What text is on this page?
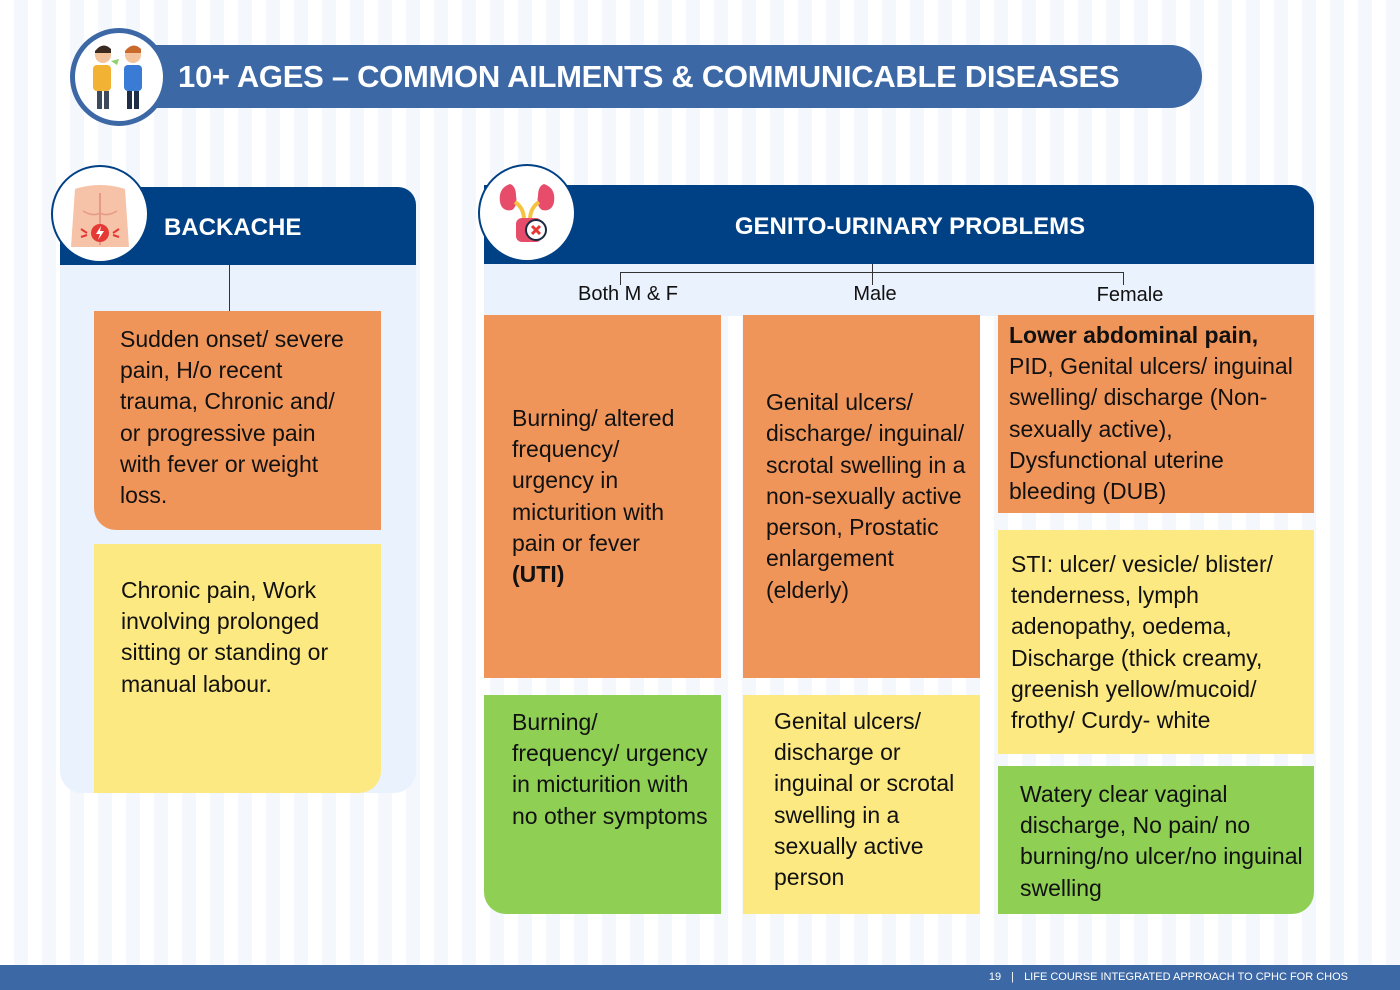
10+ AGES – COMMON AILMENTS & COMMUNICABLE DISEASES
BACKACHE
Sudden onset/ severe pain, H/o recent trauma, Chronic and/ or progressive pain with fever or weight loss.
Chronic pain, Work involving prolonged sitting or standing or manual labour.
GENITO-URINARY PROBLEMS
Both M & F	Male	Female
Burning/ altered frequency/ urgency in micturition with pain or fever
(UTI)
Burning/ frequency/ urgency in micturition with no other symptoms
Genital ulcers/ discharge/ inguinal/ scrotal swelling in a non-sexually active person, Prostatic enlargement (elderly)
Genital ulcers/ discharge or inguinal or scrotal swelling in a sexually active person
Lower abdominal pain,
PID, Genital ulcers/ inguinal swelling/ discharge (Non-sexually active), Dysfunctional uterine bleeding (DUB)
STI: ulcer/ vesicle/ blister/ tenderness, lymph adenopathy, oedema, Discharge (thick creamy, greenish yellow/mucoid/ frothy/ Curdy- white
Watery clear vaginal discharge, No pain/ no burning/no ulcer/no inguinal swelling
19 | LIFE COURSE INTEGRATED APPROACH TO CPHC FOR CHOS
